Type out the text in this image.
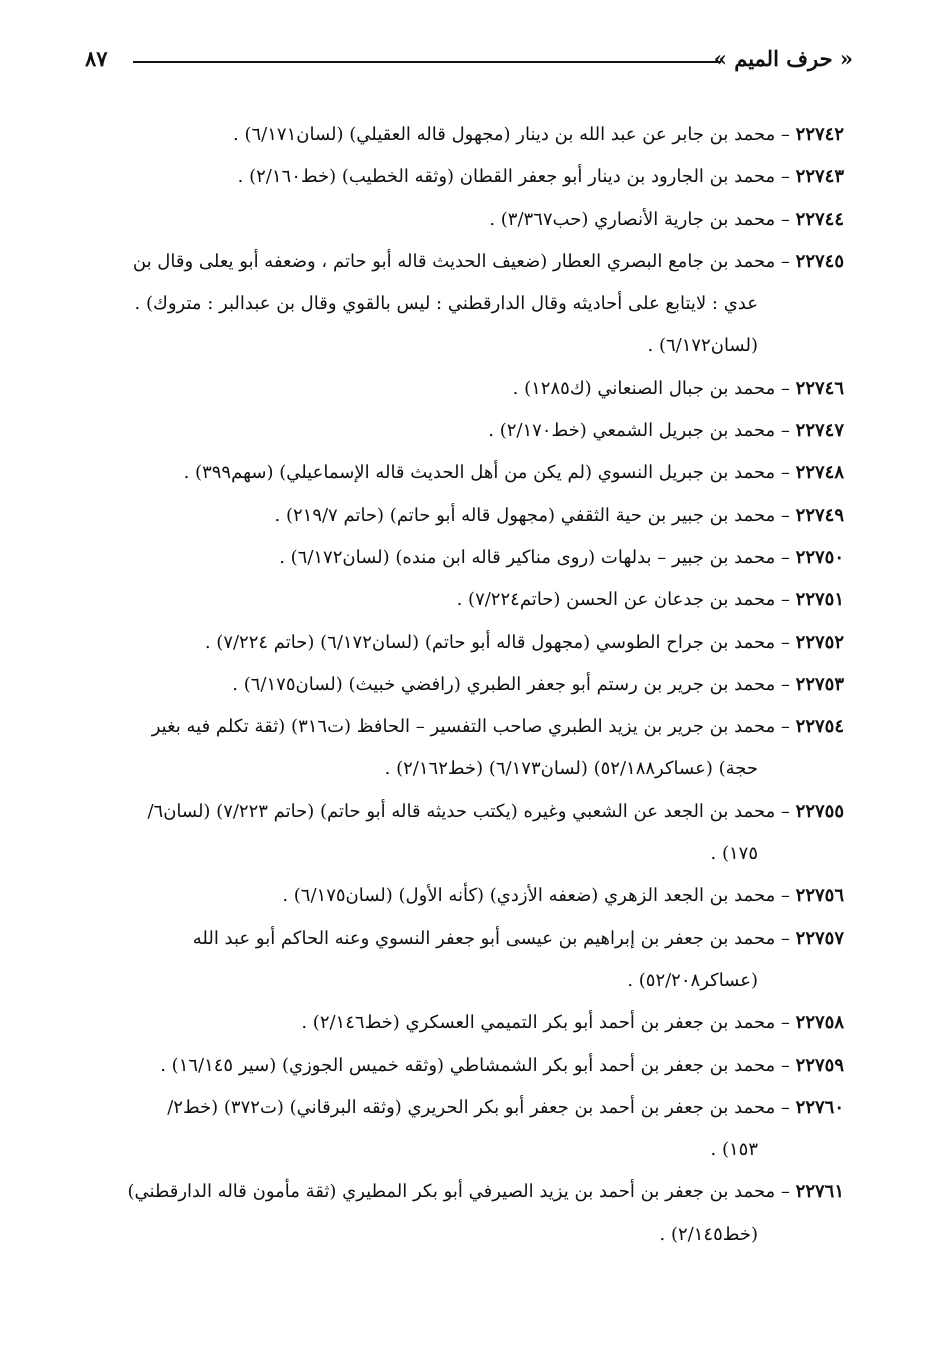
« حرف الميم »
٨٧
٢٢٧٤٢ – محمد بن جابر عن عبد الله بن دينار (مجهول قاله العقيلي) (لسان٦/١٧١) .
٢٢٧٤٣ – محمد بن الجارود بن دينار أبو جعفر القطان (وثقه الخطيب) (خط٢/١٦٠) .
٢٢٧٤٤ – محمد بن جارية الأنصاري (حب٣/٣٦٧) .
٢٢٧٤٥ – محمد بن جامع البصري العطار (ضعيف الحديث قاله أبو حاتم ، وضعفه أبو يعلى وقال بن
عدي : لايتابع على أحاديثه وقال الدارقطني : ليس بالقوي وقال بن عبدالبر : متروك) .
(لسان٦/١٧٢) .
٢٢٧٤٦ – محمد بن جبال الصنعاني (ك١٢٨٥) .
٢٢٧٤٧ – محمد بن جبريل الشمعي (خط٢/١٧٠) .
٢٢٧٤٨ – محمد بن جبريل النسوي (لم يكن من أهل الحديث قاله الإسماعيلي) (سهم٣٩٩) .
٢٢٧٤٩ – محمد بن جبير بن حية الثقفي (مجهول قاله أبو حاتم) (حاتم ٢١٩/٧) .
٢٢٧٥٠ – محمد بن جبير – بدلهات (روى مناكير قاله ابن منده) (لسان٦/١٧٢) .
٢٢٧٥١ – محمد بن جدعان عن الحسن (حاتم٧/٢٢٤) .
٢٢٧٥٢ – محمد بن جراح الطوسي (مجهول قاله أبو حاتم) (لسان٦/١٧٢) (حاتم ٧/٢٢٤) .
٢٢٧٥٣ – محمد بن جرير بن رستم أبو جعفر الطبري (رافضي خبيث) (لسان٦/١٧٥) .
٢٢٧٥٤ – محمد بن جرير بن يزيد الطبري صاحب التفسير – الحافظ (ت٣١٦) (ثقة تكلم فيه بغير
حجة) (عساكر٥٢/١٨٨) (لسان٦/١٧٣) (خط٢/١٦٢) .
٢٢٧٥٥ – محمد بن الجعد عن الشعبي وغيره (يكتب حديثه قاله أبو حاتم) (حاتم ٧/٢٢٣) (لسان٦/
١٧٥) .
٢٢٧٥٦ – محمد بن الجعد الزهري (ضعفه الأزدي) (كأنه الأول) (لسان٦/١٧٥) .
٢٢٧٥٧ – محمد بن جعفر بن إبراهيم بن عيسى أبو جعفر النسوي وعنه الحاكم أبو عبد الله
(عساكر٥٢/٢٠٨) .
٢٢٧٥٨ – محمد بن جعفر بن أحمد أبو بكر التميمي العسكري (خط٢/١٤٦) .
٢٢٧٥٩ – محمد بن جعفر بن أحمد أبو بكر الشمشاطي (وثقه خميس الجوزي) (سير ١٦/١٤٥) .
٢٢٧٦٠ – محمد بن جعفر بن أحمد بن جعفر أبو بكر الحريري (وثقه البرقاني) (ت٣٧٢) (خط٢/
١٥٣) .
٢٢٧٦١ – محمد بن جعفر بن أحمد بن يزيد الصيرفي أبو بكر المطيري (ثقة مأمون قاله الدارقطني)
(خط٢/١٤٥) .
